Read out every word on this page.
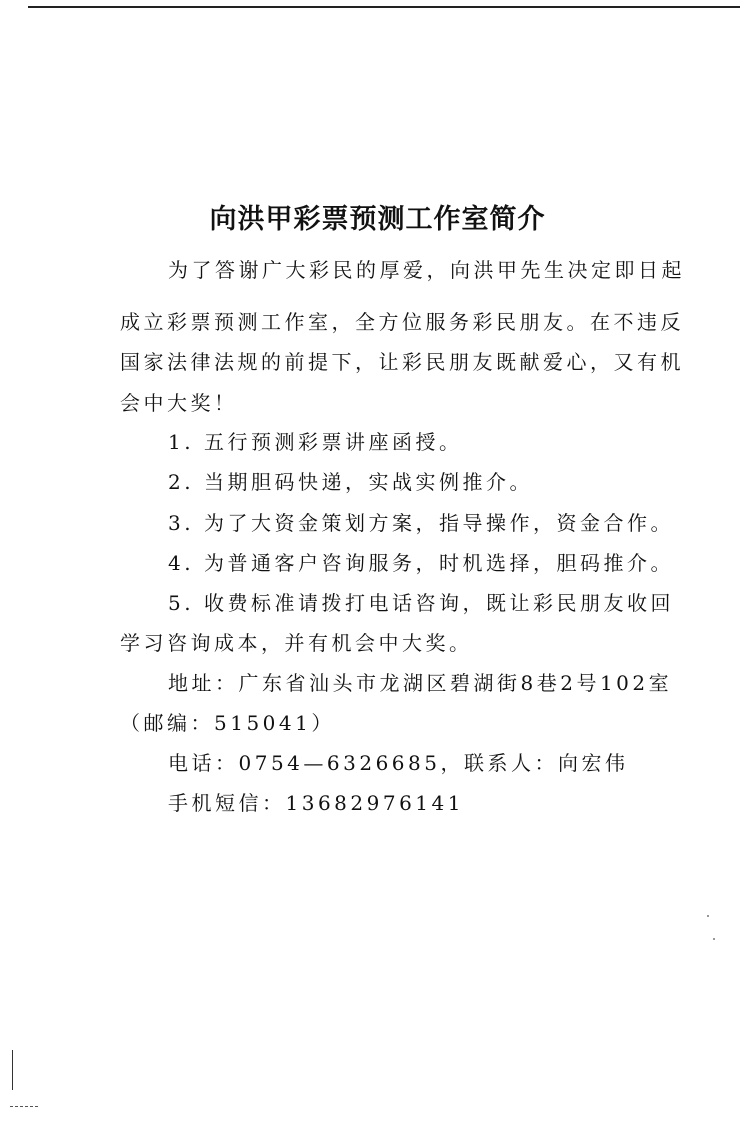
向洪甲彩票预测工作室简介

为了答谢广大彩民的厚爱，向洪甲先生决定即日起

成立彩票预测工作室，全方位服务彩民朋友。在不违反

国家法律法规的前提下，让彩民朋友既献爱心，又有机

会中大奖！

1. 五行预测彩票讲座函授。

2. 当期胆码快递，实战实例推介。

3. 为了大资金策划方案，指导操作，资金合作。

4. 为普通客户咨询服务，时机选择，胆码推介。

5. 收费标准请拨打电话咨询，既让彩民朋友收回

学习咨询成本，并有机会中大奖。

地址：广东省汕头市龙湖区碧湖街8巷2号102室

（邮编：515041）

电话：0754—6326685，联系人：向宏伟

手机短信：13682976141
